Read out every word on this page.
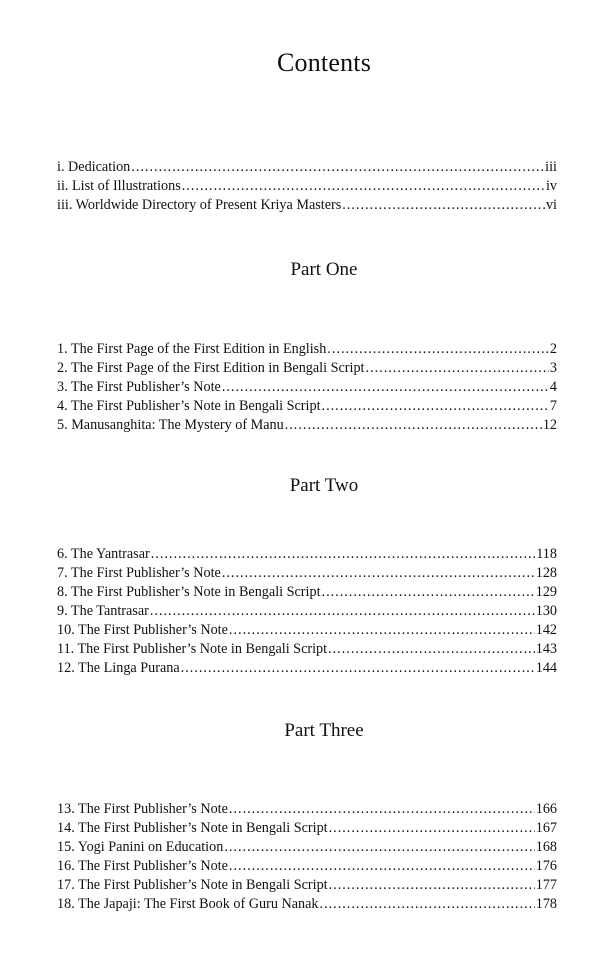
Contents
i. Dedication .....	iii
ii. List of Illustrations .....	iv
iii. Worldwide Directory of Present Kriya Masters .....	vi
Part One
1. The First Page of the First Edition in English .....	2
2. The First Page of the First Edition in Bengali Script .....	3
3. The First Publisher’s Note .....	4
4. The First Publisher’s Note in Bengali Script .....	7
5. Manusanghita: The Mystery of Manu .....	12
Part Two
6. The Yantrasar .....	118
7. The First Publisher’s Note .....	128
8. The First Publisher’s Note in Bengali Script .....	129
9. The Tantrasar .....	130
10. The First Publisher’s Note .....	142
11. The First Publisher’s Note in Bengali Script .....	143
12. The Linga Purana .....	144
Part Three
13. The First Publisher’s Note .....	166
14. The First Publisher’s Note in Bengali Script .....	167
15. Yogi Panini on Education .....	168
16. The First Publisher’s Note .....	176
17. The First Publisher’s Note in Bengali Script .....	177
18. The Japaji: The First Book of Guru Nanak .....	178
